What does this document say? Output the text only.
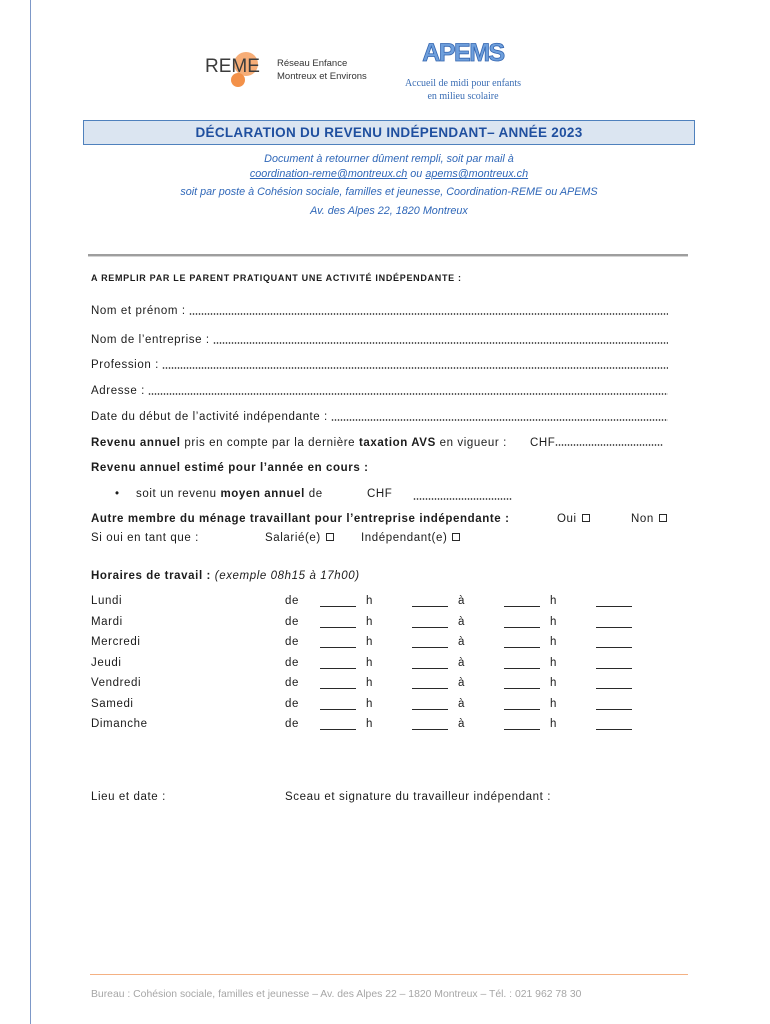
REME Réseau Enfance
Montreux et Environs
APEMS
Accueil de midi pour enfants
en milieu scolaire
DÉCLARATION DU REVENU INDÉPENDANT– ANNÉE 2023
Document à retourner dûment rempli, soit par mail à
coordination-reme@montreux.ch ou apems@montreux.ch
soit par poste à Cohésion sociale, familles et jeunesse, Coordination-REME ou APEMS
Av. des Alpes 22, 1820 Montreux
A REMPLIR PAR LE PARENT PRATIQUANT UNE ACTIVITÉ INDÉPENDANTE :
Nom et prénom :
Nom de l’entreprise :
Profession :
Adresse :
Date du début de l’activité indépendante :
Revenu annuel pris en compte par la dernière taxation AVS en vigueur : CHF
Revenu annuel estimé pour l’année en cours :
• soit un revenu moyen annuel de	CHF
Autre membre du ménage travaillant pour l’entreprise indépendante :	Oui	Non
Si oui en tant que :	Salarié(e)	Indépendant(e)
Horaires de travail : (exemple 08h15 à 17h00)
Lundi	de	h	à	h
Mardi	de	h	à	h
Mercredi	de	h	à	h
Jeudi	de	h	à	h
Vendredi	de	h	à	h
Samedi	de	h	à	h
Dimanche	de	h	à	h
Lieu et date :	Sceau et signature du travailleur indépendant :
Bureau : Cohésion sociale, familles et jeunesse – Av. des Alpes 22 – 1820 Montreux – Tél. : 021 962 78 30
